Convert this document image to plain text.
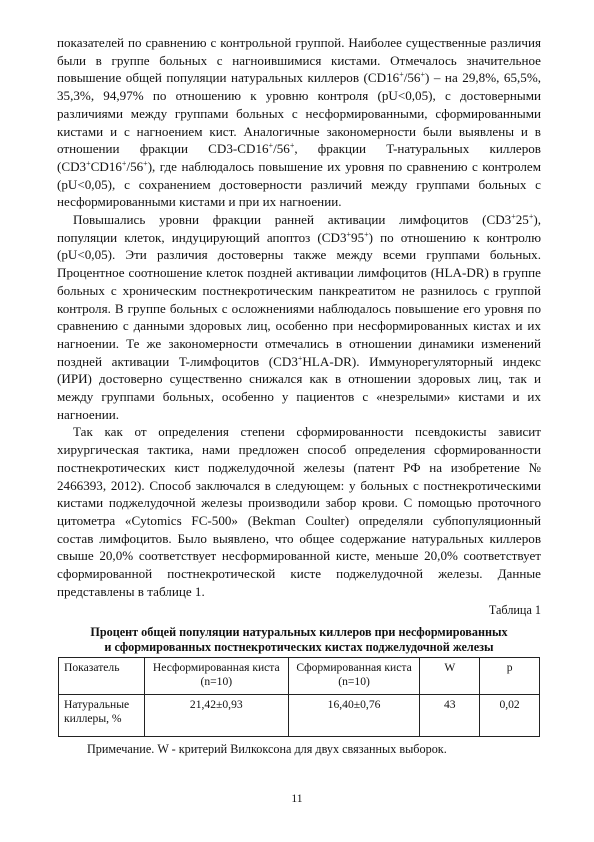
показателей по сравнению с контрольной группой. Наиболее существенные различия были в группе больных с нагноившимися кистами. Отмечалось значительное повышение общей популяции натуральных киллеров (CD16+/56+) – на 29,8%, 65,5%, 35,3%, 94,97% по отношению к уровню контроля (pU<0,05), с достоверными различиями между группами больных с несформированными, сформированными кистами и с нагноением кист. Аналогичные закономерности были выявлены и в отношении фракции CD3-CD16+/56+, фракции T-натуральных киллеров (CD3+CD16+/56+), где наблюдалось повышение их уровня по сравнению с контролем (pU<0,05), с сохранением достоверности различий между группами больных с несформированными кистами и при их нагноении.

Повышались уровни фракции ранней активации лимфоцитов (CD3+25+), популяции клеток, индуцирующий апоптоз (CD3+95+) по отношению к контролю (pU<0,05). Эти различия достоверны также между всеми группами больных. Процентное соотношение клеток поздней активации лимфоцитов (HLA-DR) в группе больных с хроническим постнекротическим панкреатитом не разнилось с группой контроля. В группе больных с осложнениями наблюдалось повышение его уровня по сравнению с данными здоровых лиц, особенно при несформированных кистах и их нагноении. Те же закономерности отмечались в отношении динамики изменений поздней активации T-лимфоцитов (CD3+HLA-DR). Иммунорегуляторный индекс (ИРИ) достоверно существенно снижался как в отношении здоровых лиц, так и между группами больных, особенно у пациентов с «незрелыми» кистами и их нагноении.

Так как от определения степени сформированности псевдокисты зависит хирургическая тактика, нами предложен способ определения сформированности постнекротических кист поджелудочной железы (патент РФ на изобретение № 2466393, 2012). Способ заключался в следующем: у больных с постнекротическими кистами поджелудочной железы производили забор крови. С помощью проточного цитометра «Cytomics FC-500» (Bekman Coulter) определяли субпопуляционный состав лимфоцитов. Было выявлено, что общее содержание натуральных киллеров свыше 20,0% соответствует несформированной кисте, меньше 20,0% соответствует сформированной постнекротической кисте поджелудочной железы. Данные представлены в таблице 1.

Таблица 1
Процент общей популяции натуральных киллеров при несформированных
и сформированных постнекротических кистах поджелудочной железы
Показатель	Несформированная киста (n=10)	Сформированная киста (n=10)	W	p
Натуральные киллеры, %	21,42±0,93	16,40±0,76	43	0,02
Примечание. W - критерий Вилкоксона для двух связанных выборок.
11
